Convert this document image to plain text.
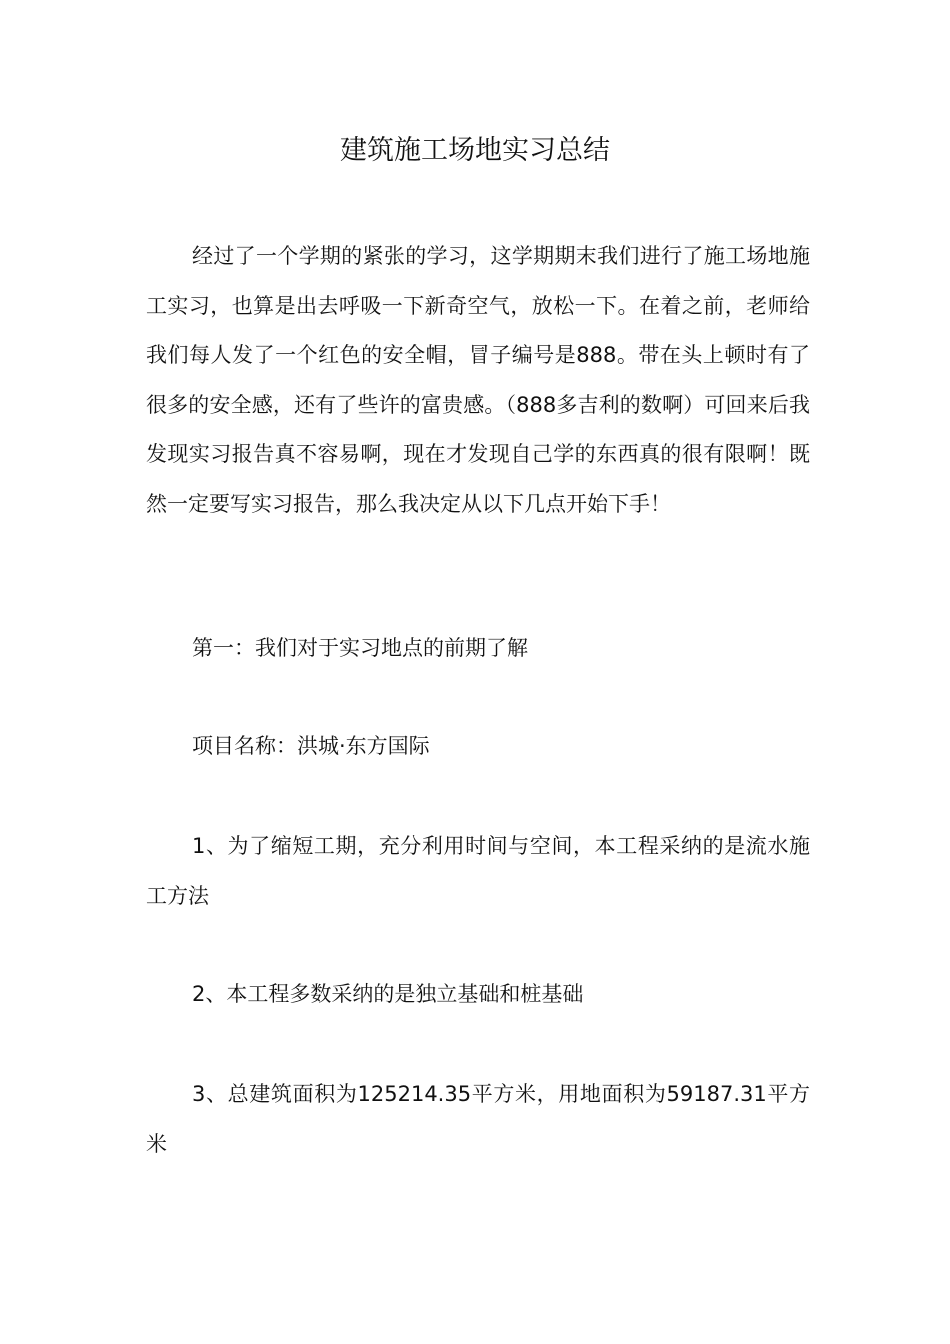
建筑施工场地实习总结

经过了一个学期的紧张的学习，这学期期末我们进行了施工场地施工实习，也算是出去呼吸一下新奇空气，放松一下。在着之前，老师给我们每人发了一个红色的安全帽，冒子编号是888。带在头上顿时有了很多的安全感，还有了些许的富贵感。（888多吉利的数啊）可回来后我发现实习报告真不容易啊，现在才发现自己学的东西真的很有限啊！既然一定要写实习报告，那么我决定从以下几点开始下手！

第一：我们对于实习地点的前期了解

项目名称：洪城·东方国际

1、为了缩短工期，充分利用时间与空间，本工程采纳的是流水施工方法

2、本工程多数采纳的是独立基础和桩基础

3、总建筑面积为125214.35平方米，用地面积为59187.31平方米
